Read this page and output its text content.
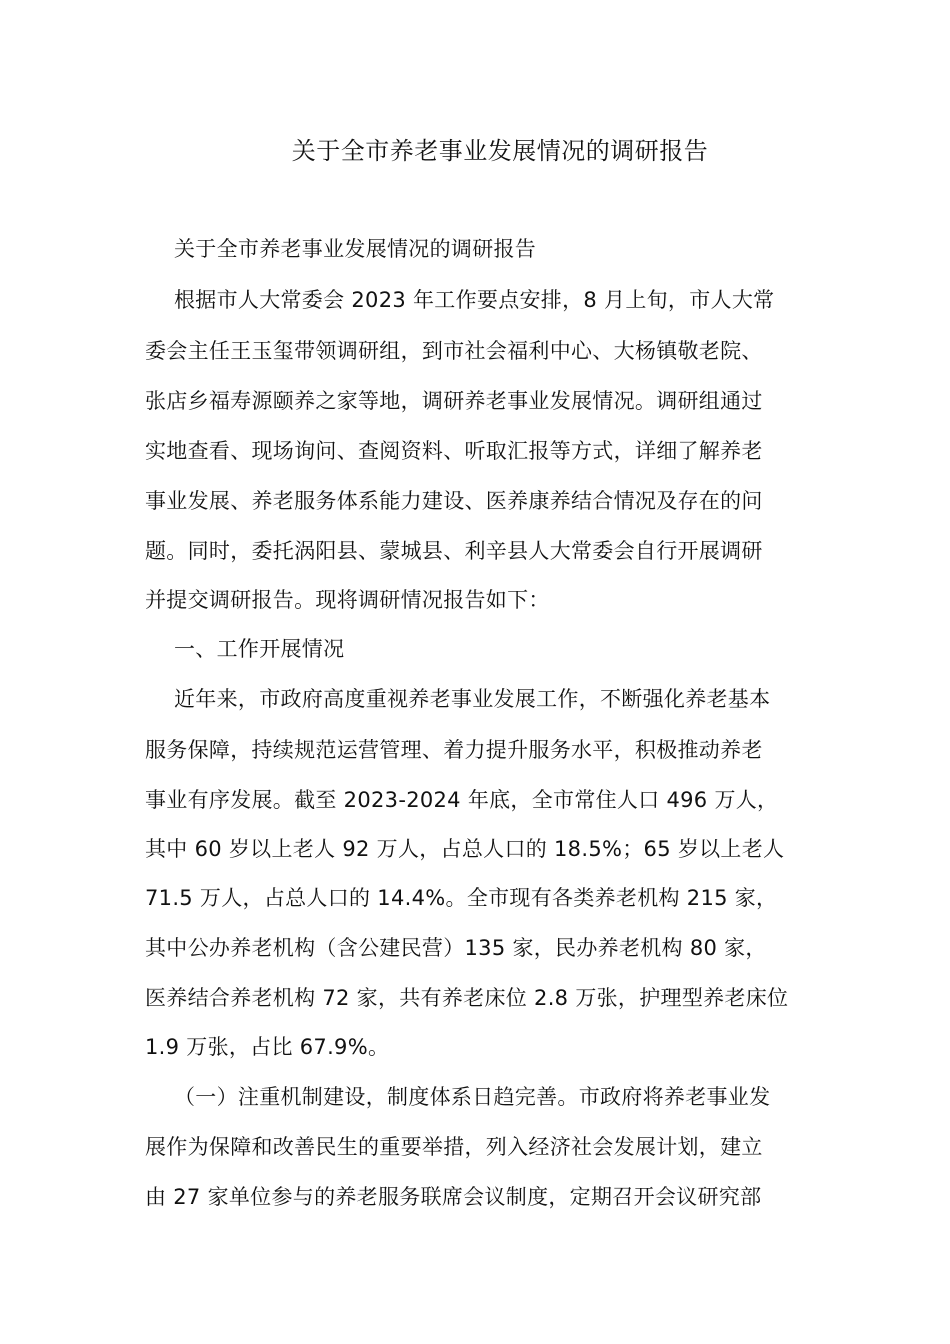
关于全市养老事业发展情况的调研报告
关于全市养老事业发展情况的调研报告
根据市人大常委会 2023 年工作要点安排，8 月上旬，市人大常
委会主任王玉玺带领调研组，到市社会福利中心、大杨镇敬老院、
张店乡福寿源颐养之家等地，调研养老事业发展情况。调研组通过
实地查看、现场询问、查阅资料、听取汇报等方式，详细了解养老
事业发展、养老服务体系能力建设、医养康养结合情况及存在的问
题。同时，委托涡阳县、蒙城县、利辛县人大常委会自行开展调研
并提交调研报告。现将调研情况报告如下：
一、工作开展情况
近年来，市政府高度重视养老事业发展工作，不断强化养老基本
服务保障，持续规范运营管理、着力提升服务水平，积极推动养老
事业有序发展。截至 2023-2024 年底，全市常住人口 496 万人，
其中 60 岁以上老人 92 万人，占总人口的 18.5%；65 岁以上老人
71.5 万人，占总人口的 14.4%。全市现有各类养老机构 215 家，
其中公办养老机构（含公建民营）135 家，民办养老机构 80 家，
医养结合养老机构 72 家，共有养老床位 2.8 万张，护理型养老床位
1.9 万张，占比 67.9%。
（一）注重机制建设，制度体系日趋完善。市政府将养老事业发
展作为保障和改善民生的重要举措，列入经济社会发展计划，建立
由 27 家单位参与的养老服务联席会议制度，定期召开会议研究部
